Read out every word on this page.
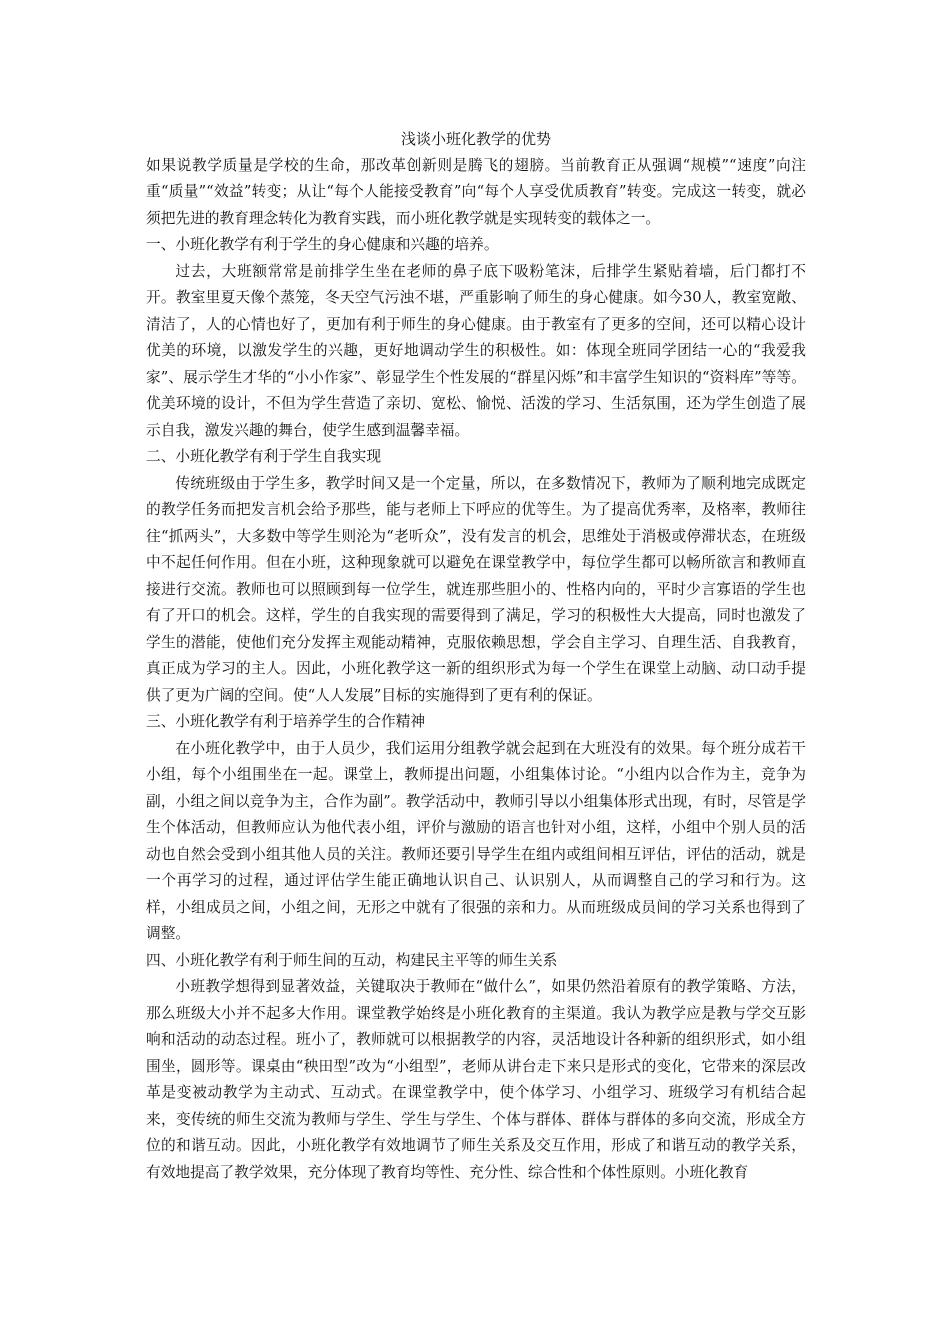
浅谈小班化教学的优势

如果说教学质量是学校的生命，那改革创新则是腾飞的翅膀。当前教育正从强调“规模”“速度”向注重“质量”“效益”转变；从让“每个人能接受教育”向“每个人享受优质教育”转变。完成这一转变，就必须把先进的教育理念转化为教育实践，而小班化教学就是实现转变的载体之一。

一、小班化教学有利于学生的身心健康和兴趣的培养。

过去，大班额常常是前排学生坐在老师的鼻子底下吸粉笔沫，后排学生紧贴着墙，后门都打不开。教室里夏天像个蒸笼，冬天空气污浊不堪，严重影响了师生的身心健康。如今30人，教室宽敞、清洁了，人的心情也好了，更加有利于师生的身心健康。由于教室有了更多的空间，还可以精心设计优美的环境，以激发学生的兴趣，更好地调动学生的积极性。如：体现全班同学团结一心的“我爱我家”、展示学生才华的“小小作家”、彰显学生个性发展的“群星闪烁”和丰富学生知识的“资料库”等等。优美环境的设计，不但为学生营造了亲切、宽松、愉悦、活泼的学习、生活氛围，还为学生创造了展示自我，激发兴趣的舞台，使学生感到温馨幸福。

二、小班化教学有利于学生自我实现

传统班级由于学生多，教学时间又是一个定量，所以，在多数情况下，教师为了顺利地完成既定的教学任务而把发言机会给予那些，能与老师上下呼应的优等生。为了提高优秀率，及格率，教师往往“抓两头”，大多数中等学生则沦为“老听众”，没有发言的机会，思维处于消极或停滞状态，在班级中不起任何作用。但在小班，这种现象就可以避免在课堂教学中，每位学生都可以畅所欲言和教师直接进行交流。教师也可以照顾到每一位学生，就连那些胆小的、性格内向的，平时少言寡语的学生也有了开口的机会。这样，学生的自我实现的需要得到了满足，学习的积极性大大提高，同时也激发了学生的潜能，使他们充分发挥主观能动精神，克服依赖思想，学会自主学习、自理生活、自我教育，真正成为学习的主人。因此，小班化教学这一新的组织形式为每一个学生在课堂上动脑、动口动手提供了更为广阔的空间。使“人人发展”目标的实施得到了更有利的保证。

三、小班化教学有利于培养学生的合作精神

在小班化教学中，由于人员少，我们运用分组教学就会起到在大班没有的效果。每个班分成若干小组，每个小组围坐在一起。课堂上，教师提出问题，小组集体讨论。“小组内以合作为主，竞争为副，小组之间以竞争为主，合作为副”。教学活动中，教师引导以小组集体形式出现，有时，尽管是学生个体活动，但教师应认为他代表小组，评价与激励的语言也针对小组，这样，小组中个别人员的活动也自然会受到小组其他人员的关注。教师还要引导学生在组内或组间相互评估，评估的活动，就是一个再学习的过程，通过评估学生能正确地认识自己、认识别人，从而调整自己的学习和行为。这样，小组成员之间，小组之间，无形之中就有了很强的亲和力。从而班级成员间的学习关系也得到了调整。

四、小班化教学有利于师生间的互动，构建民主平等的师生关系

小班教学想得到显著效益，关键取决于教师在“做什么”，如果仍然沿着原有的教学策略、方法，那么班级大小并不起多大作用。课堂教学始终是小班化教育的主渠道。我认为教学应是教与学交互影响和活动的动态过程。班小了，教师就可以根据教学的内容，灵活地设计各种新的组织形式，如小组围坐，圆形等。课桌由“秧田型”改为“小组型”，老师从讲台走下来只是形式的变化，它带来的深层改革是变被动教学为主动式、互动式。在课堂教学中，使个体学习、小组学习、班级学习有机结合起来，变传统的师生交流为教师与学生、学生与学生、个体与群体、群体与群体的多向交流，形成全方位的和谐互动。因此，小班化教学有效地调节了师生关系及交互作用，形成了和谐互动的教学关系，有效地提高了教学效果，充分体现了教育均等性、充分性、综合性和个体性原则。小班化教育
